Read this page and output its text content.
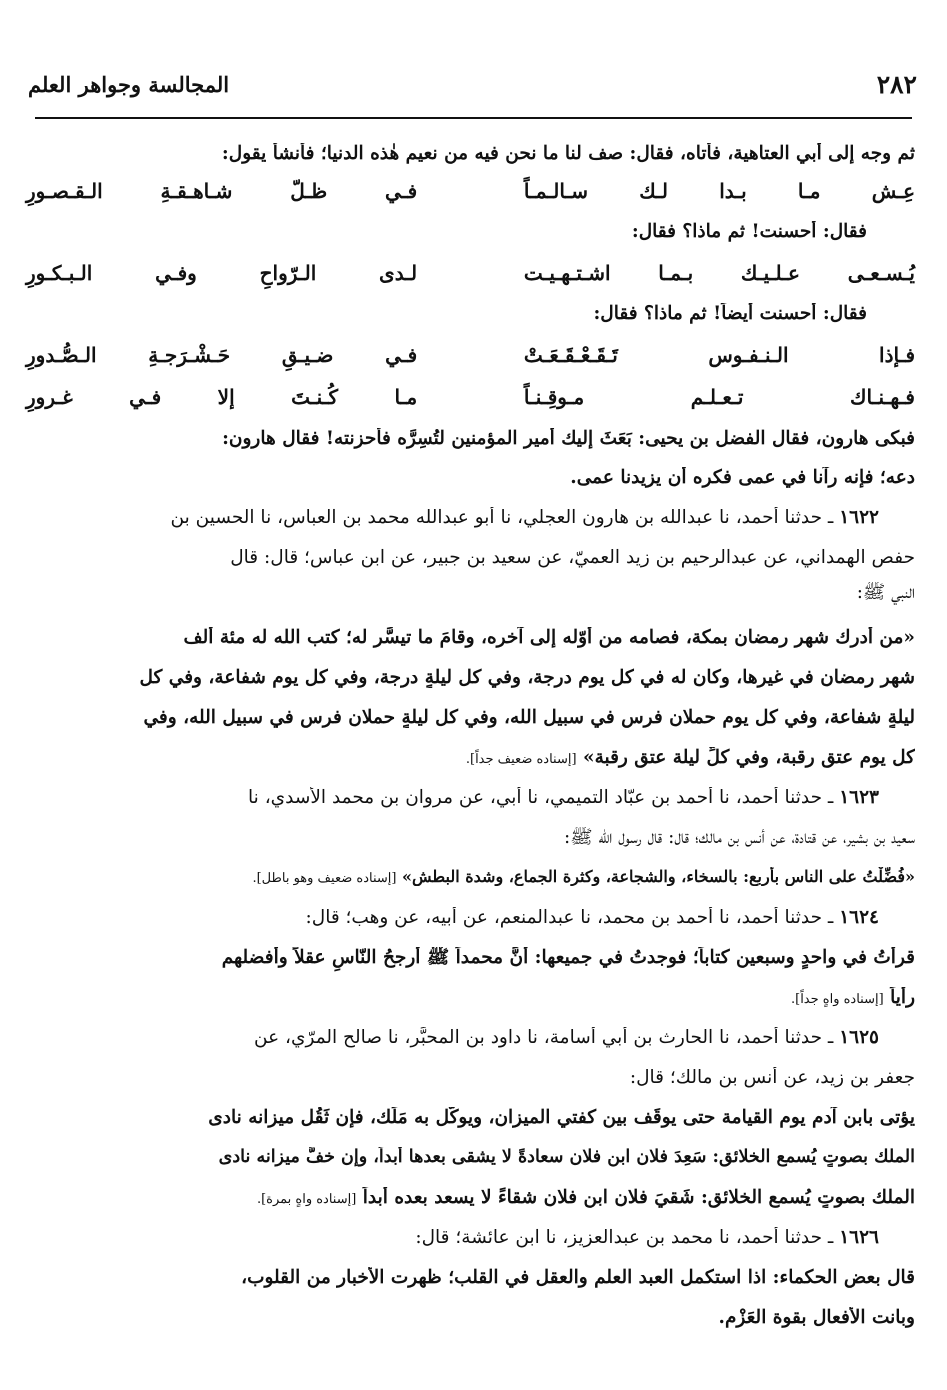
٢٨٢
المجالسة وجواهر العلم
ثم وجه إلى أبي العتاهية، فأتاه، فقال: صف لنا ما نحن فيه من نعيم هٰذه الدنيا؛ فأنشأ يقول:
عِـش مـا بـدا لـك سـالـمـاً
فـي ظـلّ شـاهـقـةِ الـقـصـورِ
فقال: أحسنت! ثم ماذا؟ فقال:
يُـسـعـى عـلـيـك بـمـا اشـتـهـيـت
لـدى الـرّواحِ وفـي الـبـكـورِ
فقال: أحسنت أيضاً! ثم ماذا؟ فقال:
فـإذا الـنـفـوس تَـقَـعْـقَـعَـتْ
فـي ضـيـقِ حَـشْـرَجـةِ الـصُّـدورِ
فـهـنـاك تـعـلـم مـوقِـنـاً
مـا كُـنـتَ إلا فـي غـرورِ
فبكى هارون، فقال الفضل بن يحيى: بَعَثَ إليك أمير المؤمنين لتُسِرَّه فأحزنته! فقال هارون:
دعه؛ فإنه رآنا في عمى فكره أن يزيدنا عمى.
١٦٢٢ ـ حدثنا أحمد، نا عبدالله بن هارون العجلي، نا أبو عبدالله محمد بن العباس، نا الحسين بن
حفص الهمداني، عن عبدالرحيم بن زيد العميّ، عن سعيد بن جبير، عن ابن عباس؛ قال: قال
النبي ﷺ:
«من أدرك شهر رمضان بمكة، فصامه من أوّله إلى آخره، وقامَ ما تيسَّر له؛ كتب الله له مئة ألف
شهر رمضان في غيرها، وكان له في كل يومٍ درجة، وفي كل ليلةٍ درجة، وفي كل يومٍ شفاعة، وفي كل
ليلةٍ شفاعة، وفي كل يوم حملان فرس في سبيل الله، وفي كل ليلةٍ حملان فرسٍ في سبيل الله، وفي
كل يوم عتق رقبة، وفي كلِّ ليلة عتق رقبة» [إسناده ضعيف جداً].
١٦٢٣ ـ حدثنا أحمد، نا أحمد بن عبّاد التميمي، نا أبي، عن مروان بن محمد الأسدي، نا
سعيد بن بشير، عن قتادة، عن أنس بن مالك؛ قال: قال رسول الله ﷺ:
«فُضِّلْتُ على الناس بأربع: بالسخاء، والشجاعة، وكثرة الجماع، وشدة البطش» [إسناده ضعيف وهو باطل].
١٦٢٤ ـ حدثنا أحمد، نا أحمد بن محمد، نا عبدالمنعم، عن أبيه، عن وهب؛ قال:
قرأتُ في واحدٍ وسبعين كتاباً؛ فوجدتُ في جميعها: أنَّ محمداً ﷺ أرجحُ النّاسِ عقلاً وأفضلهم
رأياً [إسناده واهٍ جداً].
١٦٢٥ ـ حدثنا أحمد، نا الحارث بن أبي أسامة، نا داود بن المحبَّر، نا صالح المرّي، عن
جعفر بن زيد، عن أنس بن مالك؛ قال:
يؤتى بابن آدم يوم القيامة حتى يوقَف بين كفتي الميزان، ويوكَّل به مَلَك، فإن ثَقُل ميزانه نادى
الملك بصوتٍ يُسمع الخلائق: سَعِدَ فلان ابن فلان سعادةً لا يشقى بعدها أبداً، وإن خفَّ ميزانه نادى
الملك بصوتٍ يُسمع الخلائق: شَقيَ فلان ابن فلان شقاءً لا يسعد بعده أبداً [إسناده واهٍ بمرة].
١٦٢٦ ـ حدثنا أحمد، نا محمد بن عبدالعزيز، نا ابن عائشة؛ قال:
قال بعض الحكماء: اذا استكمل العبد العلم والعقل في القلب؛ ظهرت الأخبار من القلوب،
وبانت الأفعال بقوة العَزْم.
